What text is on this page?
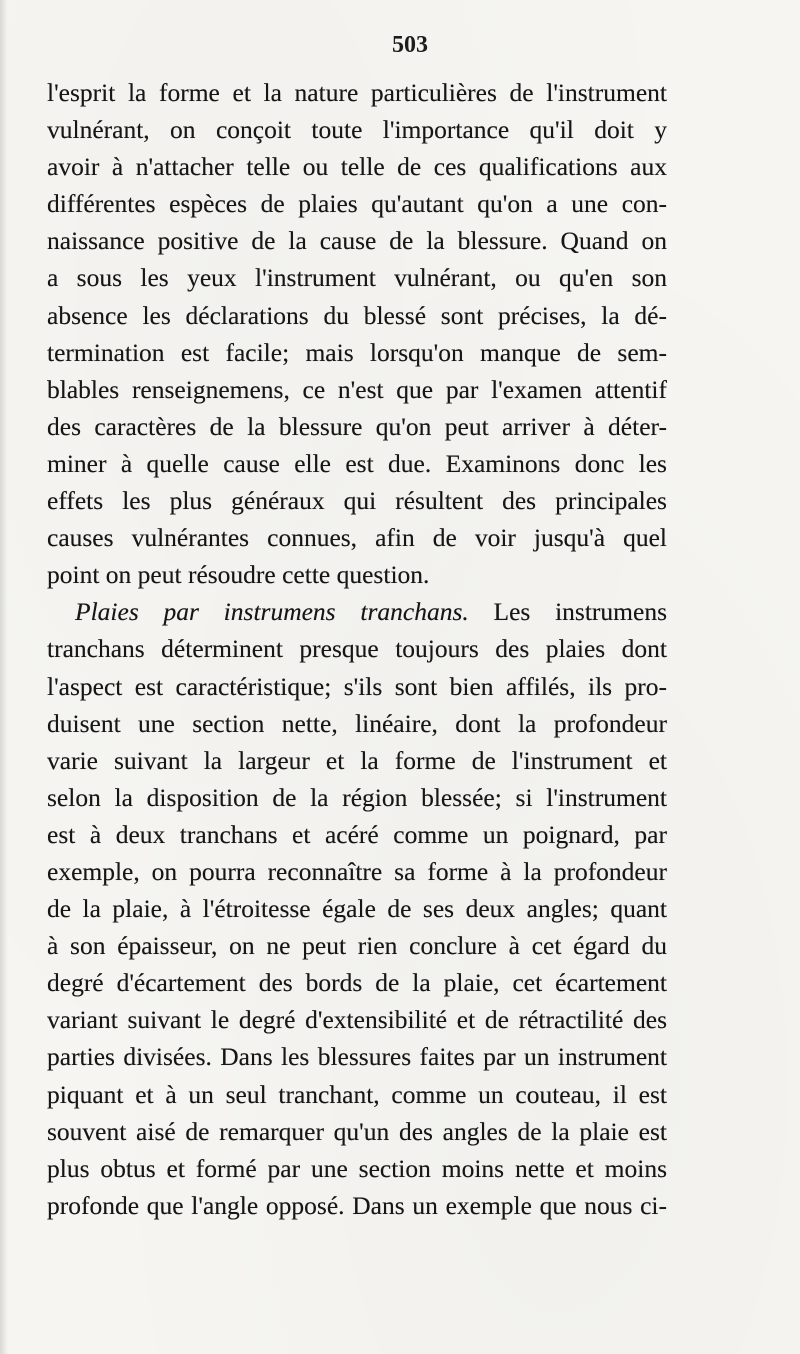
503
l'esprit la forme et la nature particulières de l'instrument
vulnérant, on conçoit toute l'importance qu'il doit y
avoir à n'attacher telle ou telle de ces qualifications aux
différentes espèces de plaies qu'autant qu'on a une con-
naissance positive de la cause de la blessure. Quand on
a sous les yeux l'instrument vulnérant, ou qu'en son
absence les déclarations du blessé sont précises, la dé-
termination est facile; mais lorsqu'on manque de sem-
blables renseignemens, ce n'est que par l'examen attentif
des caractères de la blessure qu'on peut arriver à déter-
miner à quelle cause elle est due. Examinons donc les
effets les plus généraux qui résultent des principales
causes vulnérantes connues, afin de voir jusqu'à quel
point on peut résoudre cette question.
Plaies par instrumens tranchans. Les instrumens
tranchans déterminent presque toujours des plaies dont
l'aspect est caractéristique; s'ils sont bien affilés, ils pro-
duisent une section nette, linéaire, dont la profondeur
varie suivant la largeur et la forme de l'instrument et
selon la disposition de la région blessée; si l'instrument
est à deux tranchans et acéré comme un poignard, par
exemple, on pourra reconnaître sa forme à la profondeur
de la plaie, à l'étroitesse égale de ses deux angles; quant
à son épaisseur, on ne peut rien conclure à cet égard du
degré d'écartement des bords de la plaie, cet écartement
variant suivant le degré d'extensibilité et de rétractilité des
parties divisées. Dans les blessures faites par un instrument
piquant et à un seul tranchant, comme un couteau, il est
souvent aisé de remarquer qu'un des angles de la plaie est
plus obtus et formé par une section moins nette et moins
profonde que l'angle opposé. Dans un exemple que nous ci-
